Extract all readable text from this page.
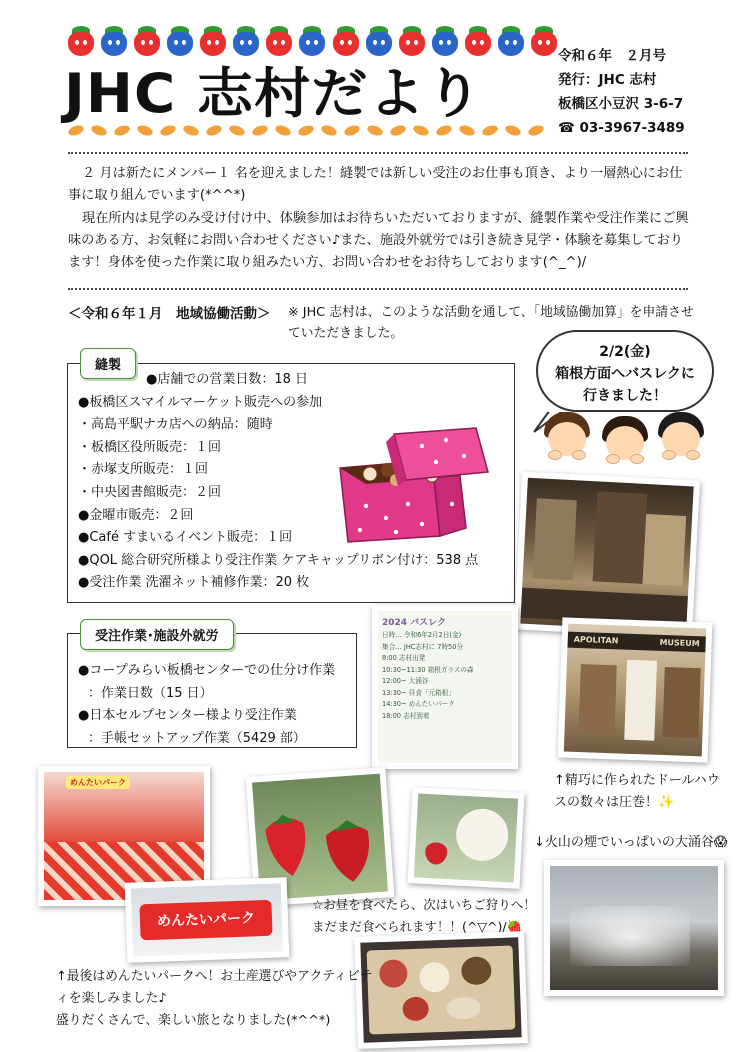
JHC 志村だより
令和６年　２月号
発行：JHC 志村
板橋区小豆沢 3-6-7
☎ 03-3967-3489

２ 月は新たにメンバー１ 名を迎えました！縫製では新しい受注のお仕事も頂き、より一層熱心にお仕事に取り組んでいます(*^^*)

現在所内は見学のみ受け付け中、体験参加はお待ちいただいておりますが、縫製作業や受注作業にご興味のある方、お気軽にお問い合わせください♪また、施設外就労では引き続き見学・体験を募集しております！身体を使った作業に取り組みたい方、お問い合わせをお待ちしております(^_^)/

＜令和６年１月　地域協働活動＞ ※ JHC 志村は、このような活動を通して、「地域協働加算」を申請させていただきました。
縫製
●店舗での営業日数：18 日
●板橋区スマイルマーケット販売への参加
・高島平駅ナカ店への納品：随時
・板橋区役所販売：１回
・赤塚支所販売：１回
・中央図書館販売：２回
●金曜市販売：２回
●Café すまいるイベント販売：１回
●QOL 総合研究所様より受注作業 ケアキャップリボン付け：538 点
●受注作業 洗濯ネット補修作業：20 枚
受注作業･施設外就労
●コープみらい板橋センターでの仕分け作業
：作業日数（15 日）
●日本セルプセンター様より受注作業
：手帳セットアップ作業（5429 部）
2/2(金)
箱根方面へバスレクに
行きました！
2024 バスレク
日時… 令和6年2月2日(金)
集合… JHC志村に 7時50分
8:00 志村出発
10:30~11:30 箱根ガラスの森
12:00~ 大涌谷
13:30~ 昼食「元箱根」
14:30~ めんたいパーク
18:00 志村到着
APOLITAN	MUSEUM
↑精巧に作られたドールハウスの数々は圧巻！✨
↓火山の煙でいっぱいの大涌谷😱
めんたいパーク
☆お昼を食べたら、次はいちご狩りへ！まだまだ食べられます！！(^▽^)/🍓
めんたいパーク
↑最後はめんたいパークへ！お土産選びやアクティビティを楽しみました♪
盛りだくさんで、楽しい旅となりました(*^^*)
